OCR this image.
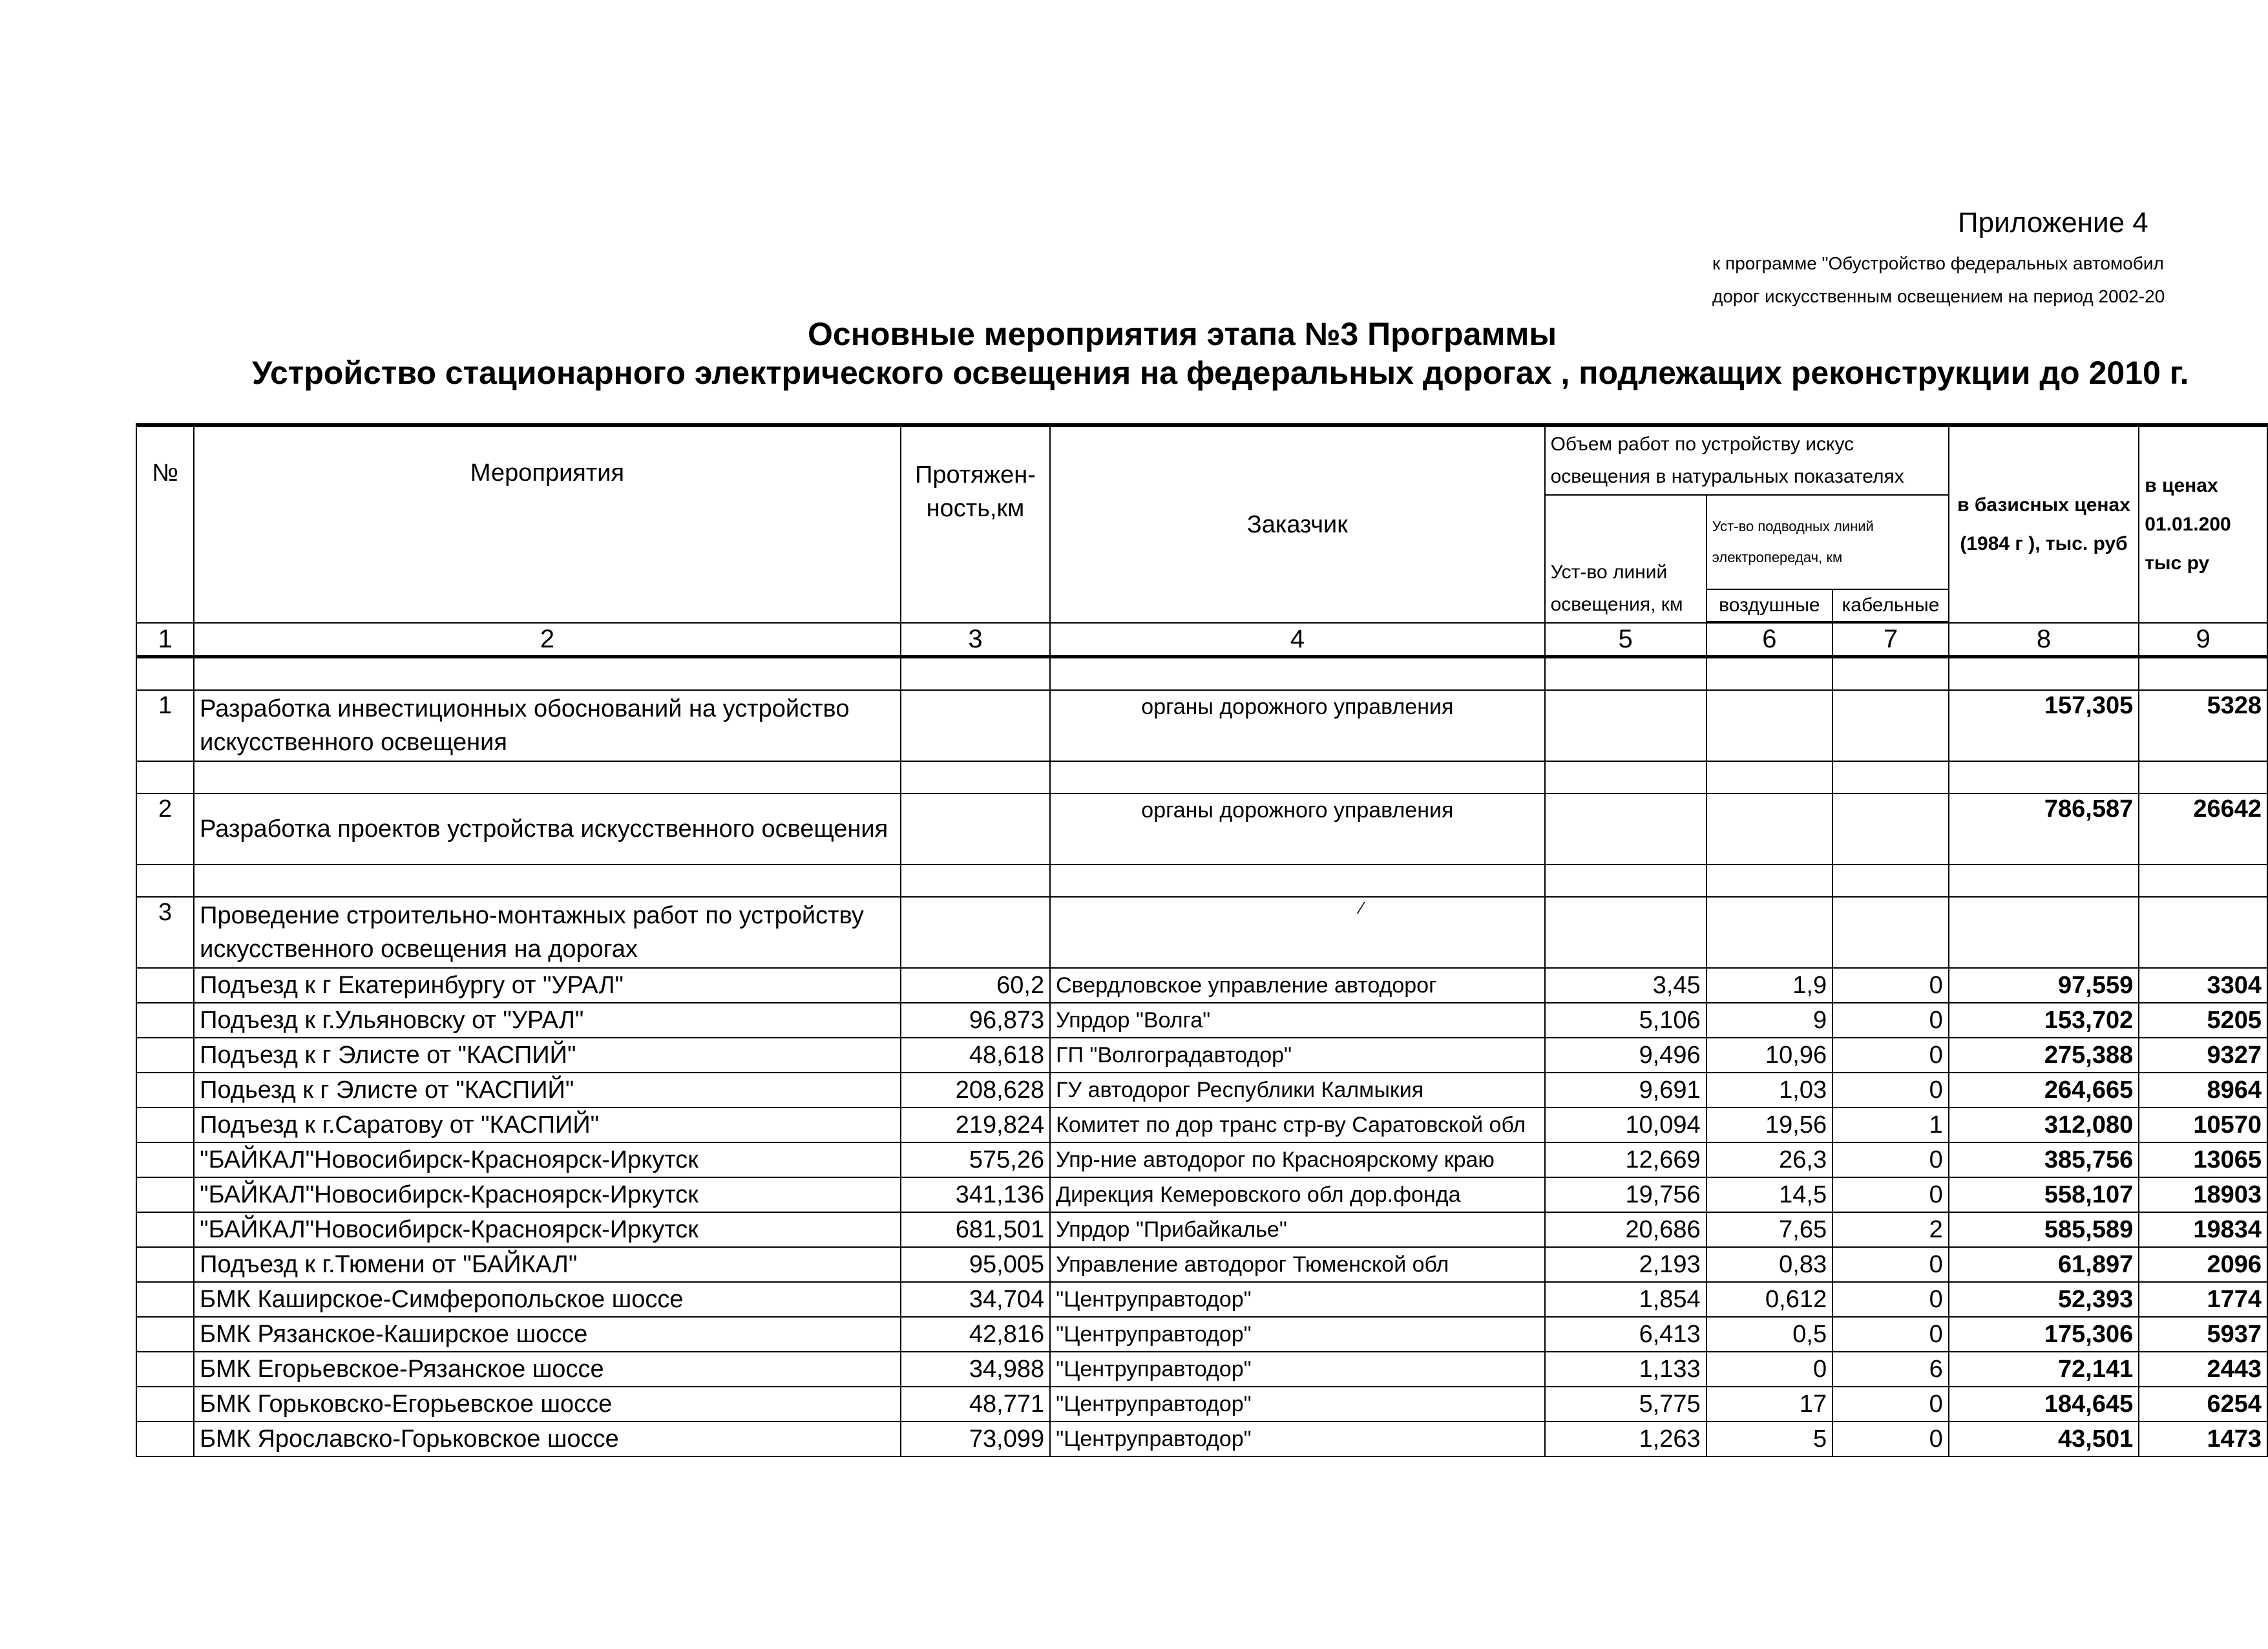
Приложение 4
к программе "Обустройство федеральных автомобил
дорог искусственным освещением на период 2002-20
Основные мероприятия этапа №3 Программы
Устройство стационарного электрического освещения на федеральных дорогах , подлежащих реконструкции до 2010 г.
№	Мероприятия	Протяжен-ность,км	Заказчик	Объем работ по устройству искус освещения в натуральных показателях			в базисных ценах (1984 г ), тыс. руб	в ценах 01.01.200 тыс ру
				Уст-во линий освещения, км	Уст-во подводных линий электропередач, км			
					воздушные	кабельные		

1	2	3	4	5	6	7	8	9

1	Разработка инвестиционных обоснований на устройство искусственного освещения		органы дорожного управления				157,305	5328

2	Разработка проектов устройства искусственного освещения		органы дорожного управления				786,587	26642

3	Проведение строительно-монтажных работ по устройству искусственного освещения на дорогах							
	Подъезд к г Екатеринбургу от "УРАЛ"	60,2	Свердловское управление автодорог	3,45	1,9	0	97,559	3304
	Подъезд к г.Ульяновску от "УРАЛ"	96,873	Упрдор "Волга"	5,106	9	0	153,702	5205
	Подъезд к г Элисте от "КАСПИЙ"	48,618	ГП "Волгоградавтодор"	9,496	10,96	0	275,388	9327
	Подьезд к г Элисте от "КАСПИЙ"	208,628	ГУ автодорог Республики Калмыкия	9,691	1,03	0	264,665	8964
	Подъезд к г.Саратову от "КАСПИЙ"	219,824	Комитет по дор транс стр-ву Саратовской обл	10,094	19,56	1	312,080	10570
	"БАЙКАЛ"Новосибирск-Красноярск-Иркутск	575,26	Упр-ние автодорог по Красноярскому краю	12,669	26,3	0	385,756	13065
	"БАЙКАЛ"Новосибирск-Красноярск-Иркутск	341,136	Дирекция Кемеровского обл дор.фонда	19,756	14,5	0	558,107	18903
	"БАЙКАЛ"Новосибирск-Красноярск-Иркутск	681,501	Упрдор "Прибайкалье"	20,686	7,65	2	585,589	19834
	Подъезд к г.Тюмени от "БАЙКАЛ"	95,005	Управление автодорог Тюменской обл	2,193	0,83	0	61,897	2096
	БМК Каширское-Симферопольское шоссе	34,704	"Центрупрaвтодор"	1,854	0,612	0	52,393	1774
	БМК Рязанское-Каширское шоссе	42,816	"Центрупрaвтодор"	6,413	0,5	0	175,306	5937
	БМК Егорьевское-Рязанское шоссе	34,988	"Центрупрaвтодор"	1,133	0	6	72,141	2443
	БМК Горьковско-Егорьевское шоссе	48,771	"Центрупрaвтодор"	5,775	17	0	184,645	6254
	БМК Ярославско-Горьковское шоссе	73,099	"Центрупрaвтодор"	1,263	5	0	43,501	1473
⁄
